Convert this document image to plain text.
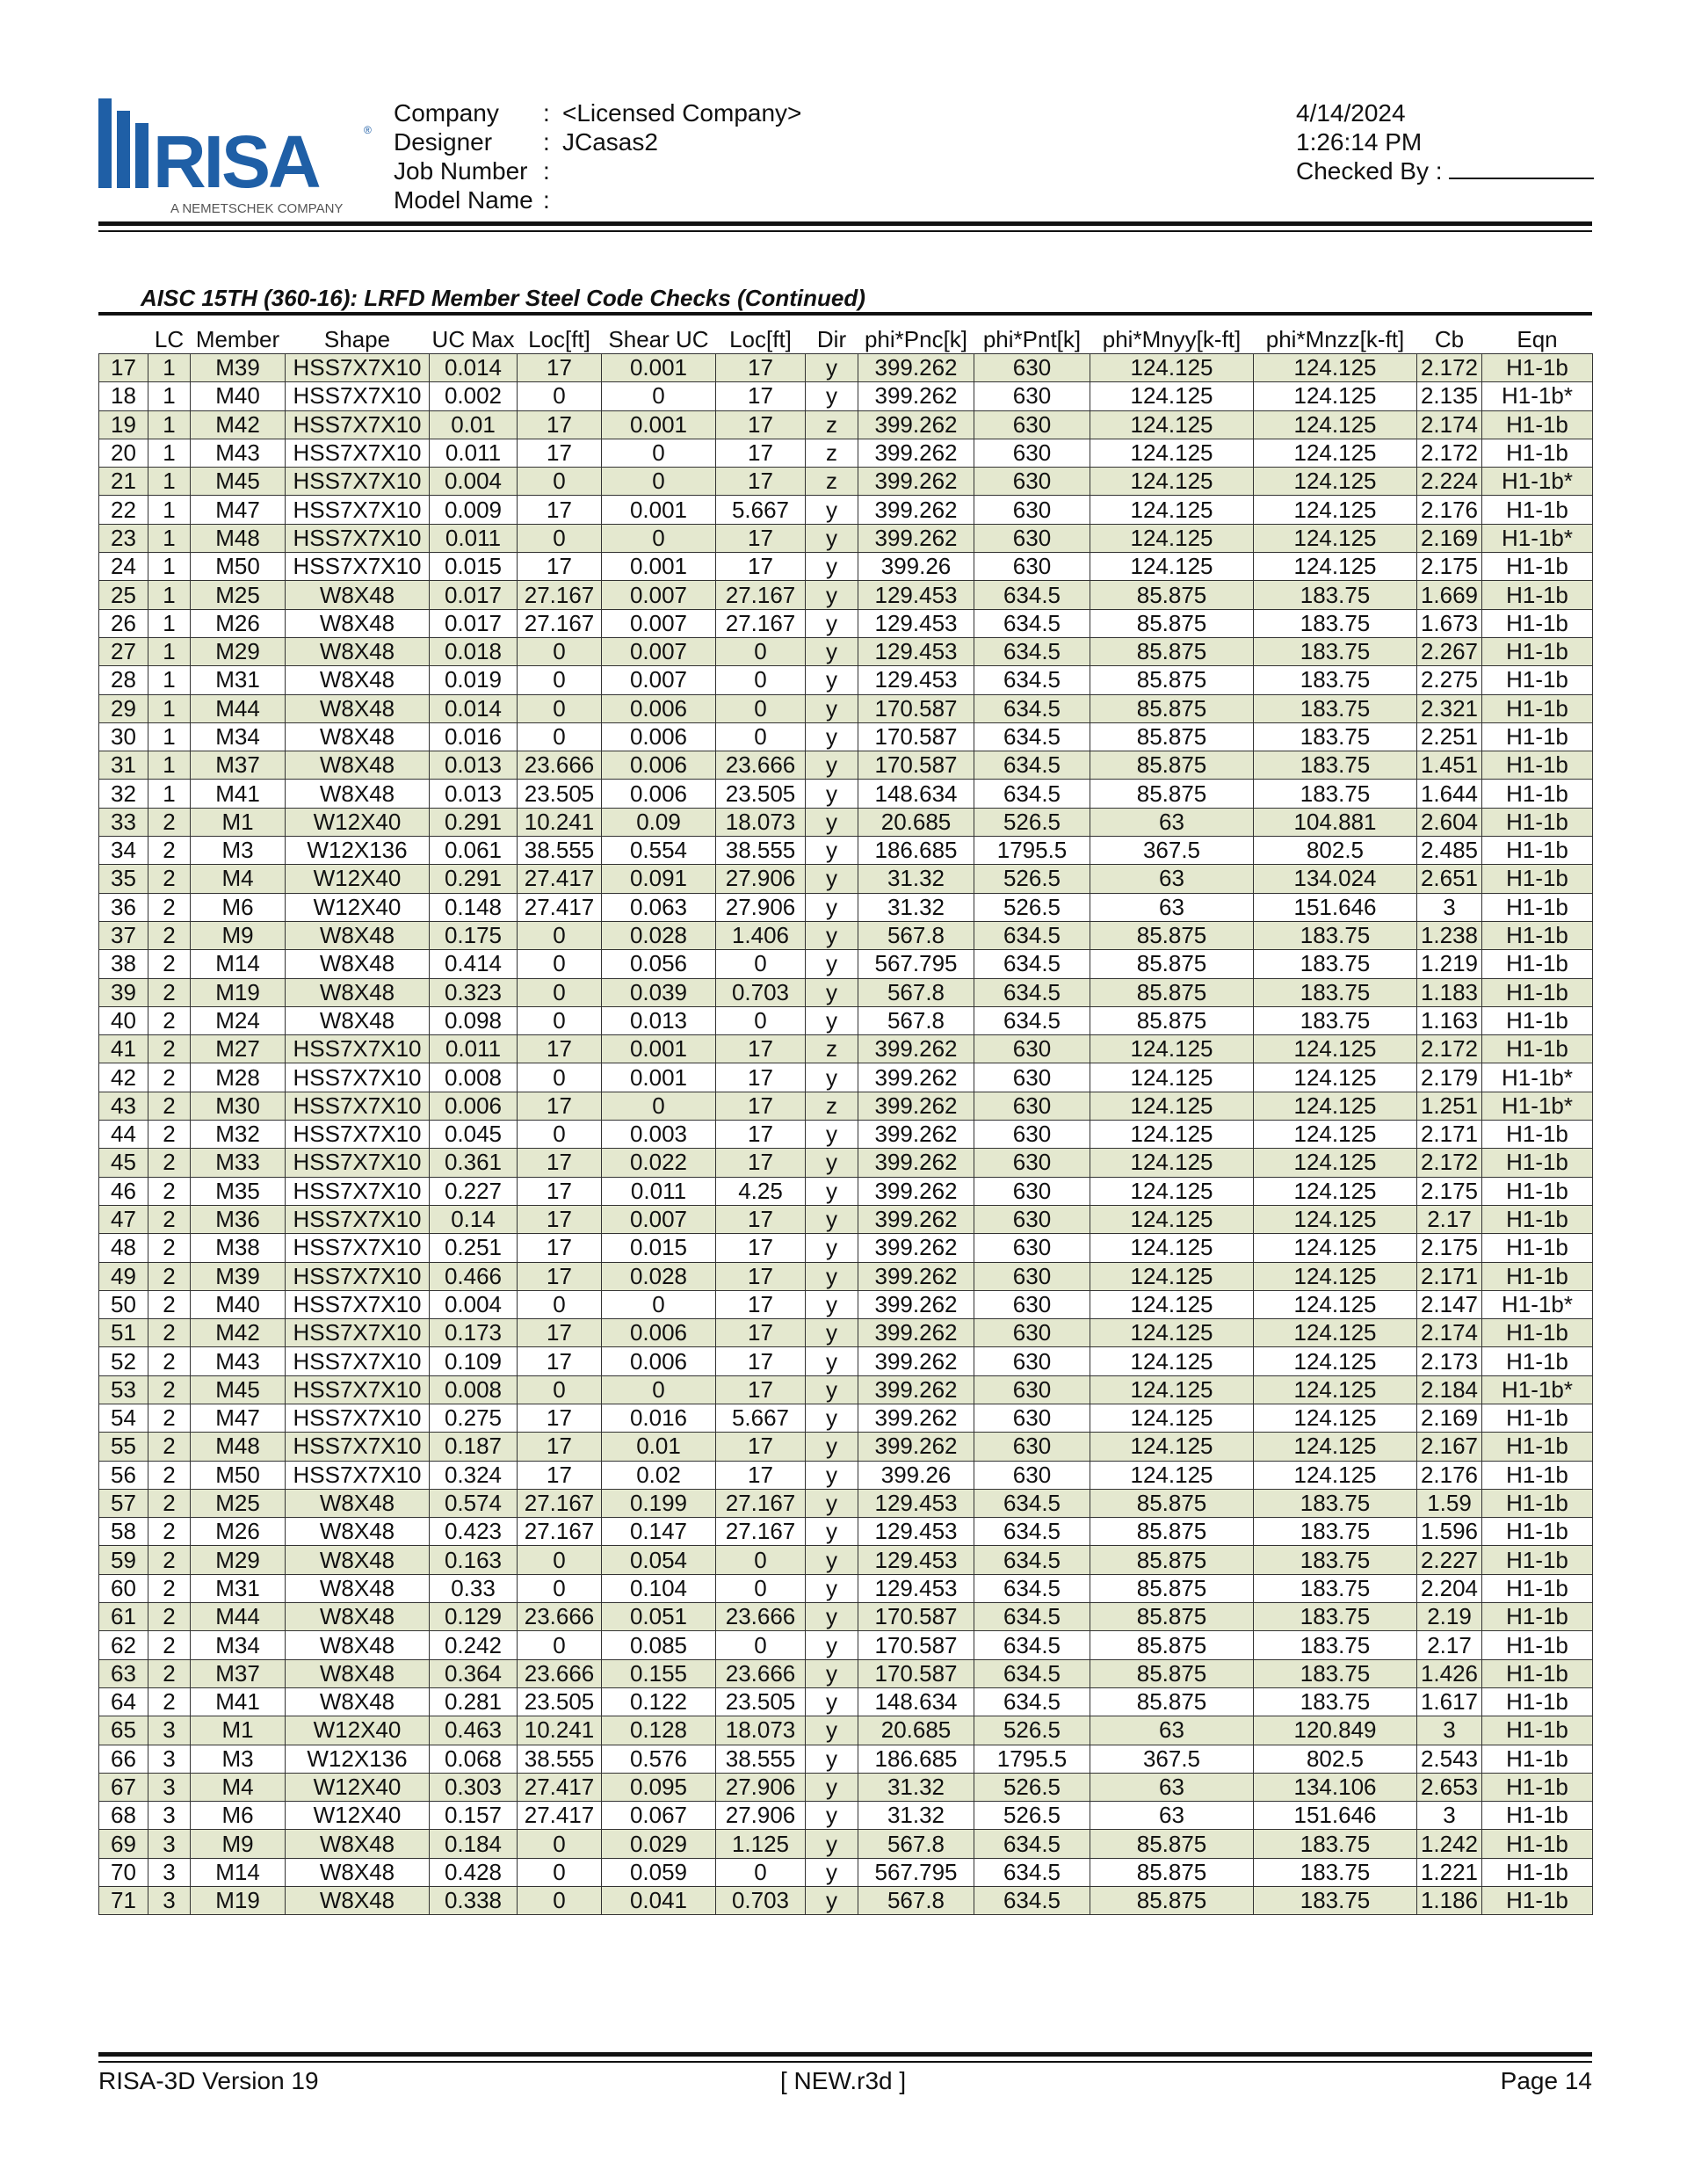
RISA	®
A NEMETSCHEK COMPANY
Company	: <Licensed Company>
Designer	: JCasas2
Job Number :
Model Name :
4/14/2024
1:26:14 PM
Checked By :
AISC 15TH (360-16): LRFD Member Steel Code Checks (Continued)
	LC	Member	Shape	UC Max	Loc[ft]	Shear UC	Loc[ft]	Dir	phi*Pnc[k]	phi*Pnt[k]	phi*Mnyy[k-ft]	phi*Mnzz[k-ft]	Cb	Eqn
17	1	M39	HSS7X7X10	0.014	17	0.001	17	y	399.262	630	124.125	124.125	2.172	H1-1b
18	1	M40	HSS7X7X10	0.002	0	0	17	y	399.262	630	124.125	124.125	2.135	H1-1b*
19	1	M42	HSS7X7X10	0.01	17	0.001	17	z	399.262	630	124.125	124.125	2.174	H1-1b
20	1	M43	HSS7X7X10	0.011	17	0	17	z	399.262	630	124.125	124.125	2.172	H1-1b
21	1	M45	HSS7X7X10	0.004	0	0	17	z	399.262	630	124.125	124.125	2.224	H1-1b*
22	1	M47	HSS7X7X10	0.009	17	0.001	5.667	y	399.262	630	124.125	124.125	2.176	H1-1b
23	1	M48	HSS7X7X10	0.011	0	0	17	y	399.262	630	124.125	124.125	2.169	H1-1b*
24	1	M50	HSS7X7X10	0.015	17	0.001	17	y	399.26	630	124.125	124.125	2.175	H1-1b
25	1	M25	W8X48	0.017	27.167	0.007	27.167	y	129.453	634.5	85.875	183.75	1.669	H1-1b
26	1	M26	W8X48	0.017	27.167	0.007	27.167	y	129.453	634.5	85.875	183.75	1.673	H1-1b
27	1	M29	W8X48	0.018	0	0.007	0	y	129.453	634.5	85.875	183.75	2.267	H1-1b
28	1	M31	W8X48	0.019	0	0.007	0	y	129.453	634.5	85.875	183.75	2.275	H1-1b
29	1	M44	W8X48	0.014	0	0.006	0	y	170.587	634.5	85.875	183.75	2.321	H1-1b
30	1	M34	W8X48	0.016	0	0.006	0	y	170.587	634.5	85.875	183.75	2.251	H1-1b
31	1	M37	W8X48	0.013	23.666	0.006	23.666	y	170.587	634.5	85.875	183.75	1.451	H1-1b
32	1	M41	W8X48	0.013	23.505	0.006	23.505	y	148.634	634.5	85.875	183.75	1.644	H1-1b
33	2	M1	W12X40	0.291	10.241	0.09	18.073	y	20.685	526.5	63	104.881	2.604	H1-1b
34	2	M3	W12X136	0.061	38.555	0.554	38.555	y	186.685	1795.5	367.5	802.5	2.485	H1-1b
35	2	M4	W12X40	0.291	27.417	0.091	27.906	y	31.32	526.5	63	134.024	2.651	H1-1b
36	2	M6	W12X40	0.148	27.417	0.063	27.906	y	31.32	526.5	63	151.646	3	H1-1b
37	2	M9	W8X48	0.175	0	0.028	1.406	y	567.8	634.5	85.875	183.75	1.238	H1-1b
38	2	M14	W8X48	0.414	0	0.056	0	y	567.795	634.5	85.875	183.75	1.219	H1-1b
39	2	M19	W8X48	0.323	0	0.039	0.703	y	567.8	634.5	85.875	183.75	1.183	H1-1b
40	2	M24	W8X48	0.098	0	0.013	0	y	567.8	634.5	85.875	183.75	1.163	H1-1b
41	2	M27	HSS7X7X10	0.011	17	0.001	17	z	399.262	630	124.125	124.125	2.172	H1-1b
42	2	M28	HSS7X7X10	0.008	0	0.001	17	y	399.262	630	124.125	124.125	2.179	H1-1b*
43	2	M30	HSS7X7X10	0.006	17	0	17	z	399.262	630	124.125	124.125	1.251	H1-1b*
44	2	M32	HSS7X7X10	0.045	0	0.003	17	y	399.262	630	124.125	124.125	2.171	H1-1b
45	2	M33	HSS7X7X10	0.361	17	0.022	17	y	399.262	630	124.125	124.125	2.172	H1-1b
46	2	M35	HSS7X7X10	0.227	17	0.011	4.25	y	399.262	630	124.125	124.125	2.175	H1-1b
47	2	M36	HSS7X7X10	0.14	17	0.007	17	y	399.262	630	124.125	124.125	2.17	H1-1b
48	2	M38	HSS7X7X10	0.251	17	0.015	17	y	399.262	630	124.125	124.125	2.175	H1-1b
49	2	M39	HSS7X7X10	0.466	17	0.028	17	y	399.262	630	124.125	124.125	2.171	H1-1b
50	2	M40	HSS7X7X10	0.004	0	0	17	y	399.262	630	124.125	124.125	2.147	H1-1b*
51	2	M42	HSS7X7X10	0.173	17	0.006	17	y	399.262	630	124.125	124.125	2.174	H1-1b
52	2	M43	HSS7X7X10	0.109	17	0.006	17	y	399.262	630	124.125	124.125	2.173	H1-1b
53	2	M45	HSS7X7X10	0.008	0	0	17	y	399.262	630	124.125	124.125	2.184	H1-1b*
54	2	M47	HSS7X7X10	0.275	17	0.016	5.667	y	399.262	630	124.125	124.125	2.169	H1-1b
55	2	M48	HSS7X7X10	0.187	17	0.01	17	y	399.262	630	124.125	124.125	2.167	H1-1b
56	2	M50	HSS7X7X10	0.324	17	0.02	17	y	399.26	630	124.125	124.125	2.176	H1-1b
57	2	M25	W8X48	0.574	27.167	0.199	27.167	y	129.453	634.5	85.875	183.75	1.59	H1-1b
58	2	M26	W8X48	0.423	27.167	0.147	27.167	y	129.453	634.5	85.875	183.75	1.596	H1-1b
59	2	M29	W8X48	0.163	0	0.054	0	y	129.453	634.5	85.875	183.75	2.227	H1-1b
60	2	M31	W8X48	0.33	0	0.104	0	y	129.453	634.5	85.875	183.75	2.204	H1-1b
61	2	M44	W8X48	0.129	23.666	0.051	23.666	y	170.587	634.5	85.875	183.75	2.19	H1-1b
62	2	M34	W8X48	0.242	0	0.085	0	y	170.587	634.5	85.875	183.75	2.17	H1-1b
63	2	M37	W8X48	0.364	23.666	0.155	23.666	y	170.587	634.5	85.875	183.75	1.426	H1-1b
64	2	M41	W8X48	0.281	23.505	0.122	23.505	y	148.634	634.5	85.875	183.75	1.617	H1-1b
65	3	M1	W12X40	0.463	10.241	0.128	18.073	y	20.685	526.5	63	120.849	3	H1-1b
66	3	M3	W12X136	0.068	38.555	0.576	38.555	y	186.685	1795.5	367.5	802.5	2.543	H1-1b
67	3	M4	W12X40	0.303	27.417	0.095	27.906	y	31.32	526.5	63	134.106	2.653	H1-1b
68	3	M6	W12X40	0.157	27.417	0.067	27.906	y	31.32	526.5	63	151.646	3	H1-1b
69	3	M9	W8X48	0.184	0	0.029	1.125	y	567.8	634.5	85.875	183.75	1.242	H1-1b
70	3	M14	W8X48	0.428	0	0.059	0	y	567.795	634.5	85.875	183.75	1.221	H1-1b
71	3	M19	W8X48	0.338	0	0.041	0.703	y	567.8	634.5	85.875	183.75	1.186	H1-1b
RISA-3D Version 19	[ NEW.r3d ]	Page 14
